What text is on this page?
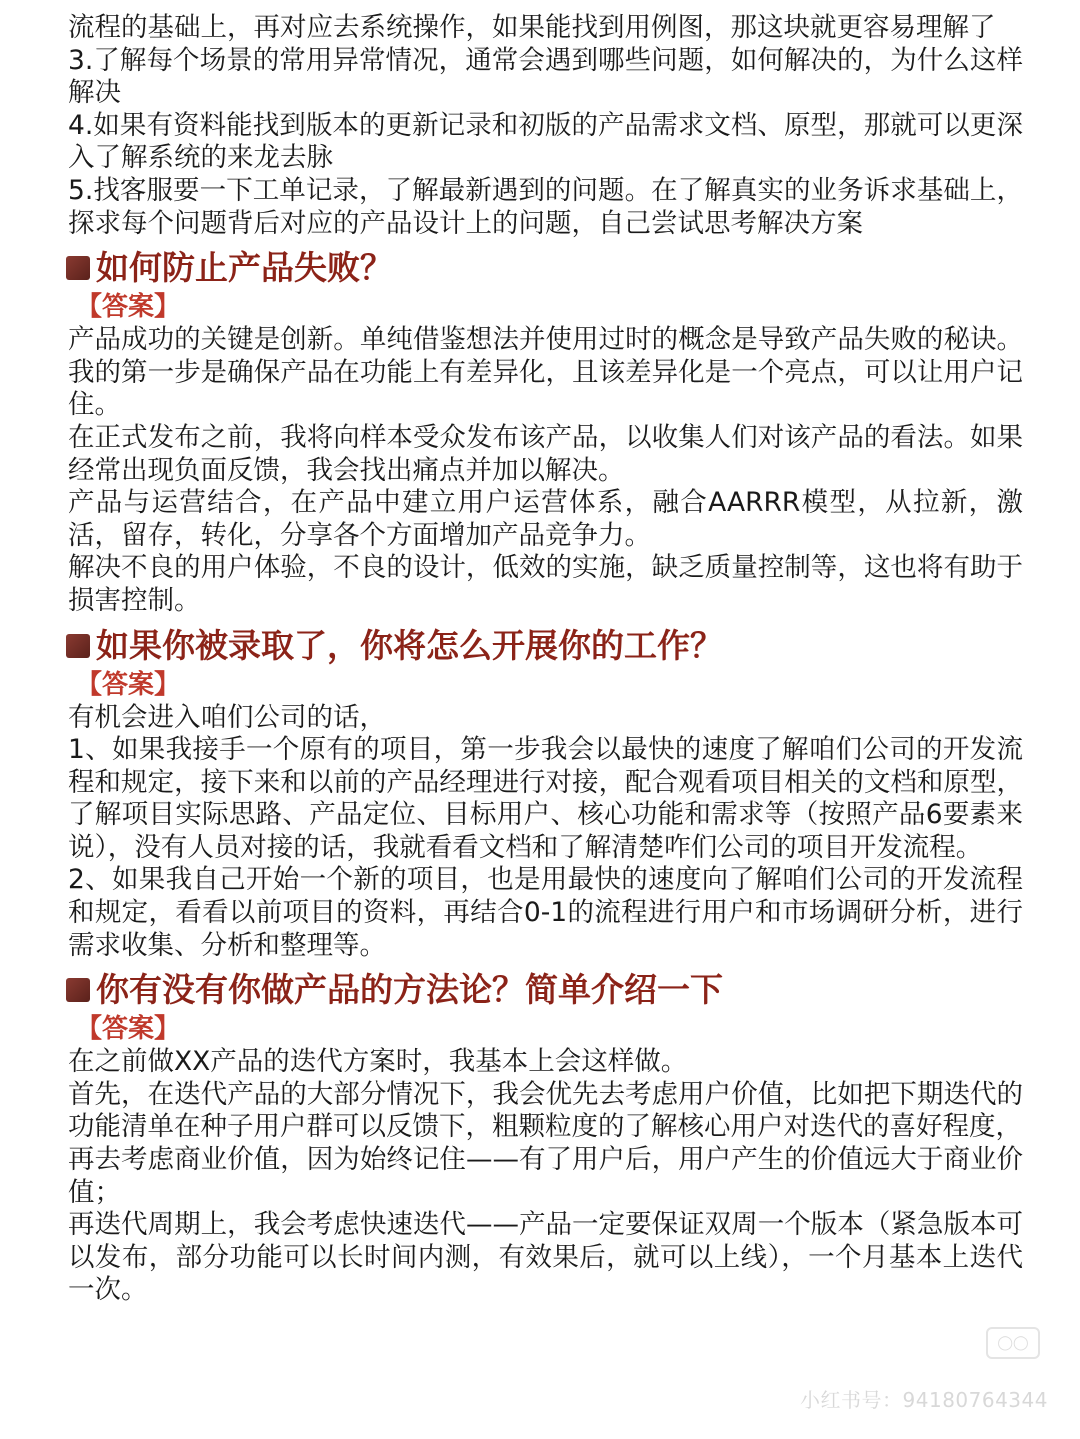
流程的基础上，再对应去系统操作，如果能找到用例图，那这块就更容易理解了

3.了解每个场景的常用异常情况，通常会遇到哪些问题，如何解决的，为什么这样解决

4.如果有资料能找到版本的更新记录和初版的产品需求文档、原型，那就可以更深入了解系统的来龙去脉

5.找客服要一下工单记录，了解最新遇到的问题。在了解真实的业务诉求基础上，探求每个问题背后对应的产品设计上的问题，自己尝试思考解决方案

如何防止产品失败？
【答案】

产品成功的关键是创新。单纯借鉴想法并使用过时的概念是导致产品失败的秘诀。我的第一步是确保产品在功能上有差异化，且该差异化是一个亮点，可以让用户记住。

在正式发布之前，我将向样本受众发布该产品，以收集人们对该产品的看法。如果经常出现负面反馈，我会找出痛点并加以解决。

产品与运营结合，在产品中建立用户运营体系，融合AARRR模型，从拉新，激活，留存，转化，分享各个方面增加产品竞争力。

解决不良的用户体验，不良的设计，低效的实施，缺乏质量控制等，这也将有助于损害控制。

如果你被录取了，你将怎么开展你的工作？
【答案】

有机会进入咱们公司的话，

1、如果我接手一个原有的项目，第一步我会以最快的速度了解咱们公司的开发流程和规定，接下来和以前的产品经理进行对接，配合观看项目相关的文档和原型，了解项目实际思路、产品定位、目标用户、核心功能和需求等（按照产品6要素来说），没有人员对接的话，我就看看文档和了解清楚咋们公司的项目开发流程。

2、如果我自己开始一个新的项目，也是用最快的速度向了解咱们公司的开发流程和规定，看看以前项目的资料，再结合0-1的流程进行用户和市场调研分析，进行需求收集、分析和整理等。

你有没有你做产品的方法论？简单介绍一下
【答案】

在之前做XX产品的迭代方案时，我基本上会这样做。

首先，在迭代产品的大部分情况下，我会优先去考虑用户价值，比如把下期迭代的功能清单在种子用户群可以反馈下，粗颗粒度的了解核心用户对迭代的喜好程度，

再去考虑商业价值，因为始终记住——有了用户后，用户产生的价值远大于商业价值；

再迭代周期上，我会考虑快速迭代——产品一定要保证双周一个版本（紧急版本可以发布，部分功能可以长时间内测，有效果后，就可以上线），一个月基本上迭代一次。

◯◯
小红书号：94180764344
